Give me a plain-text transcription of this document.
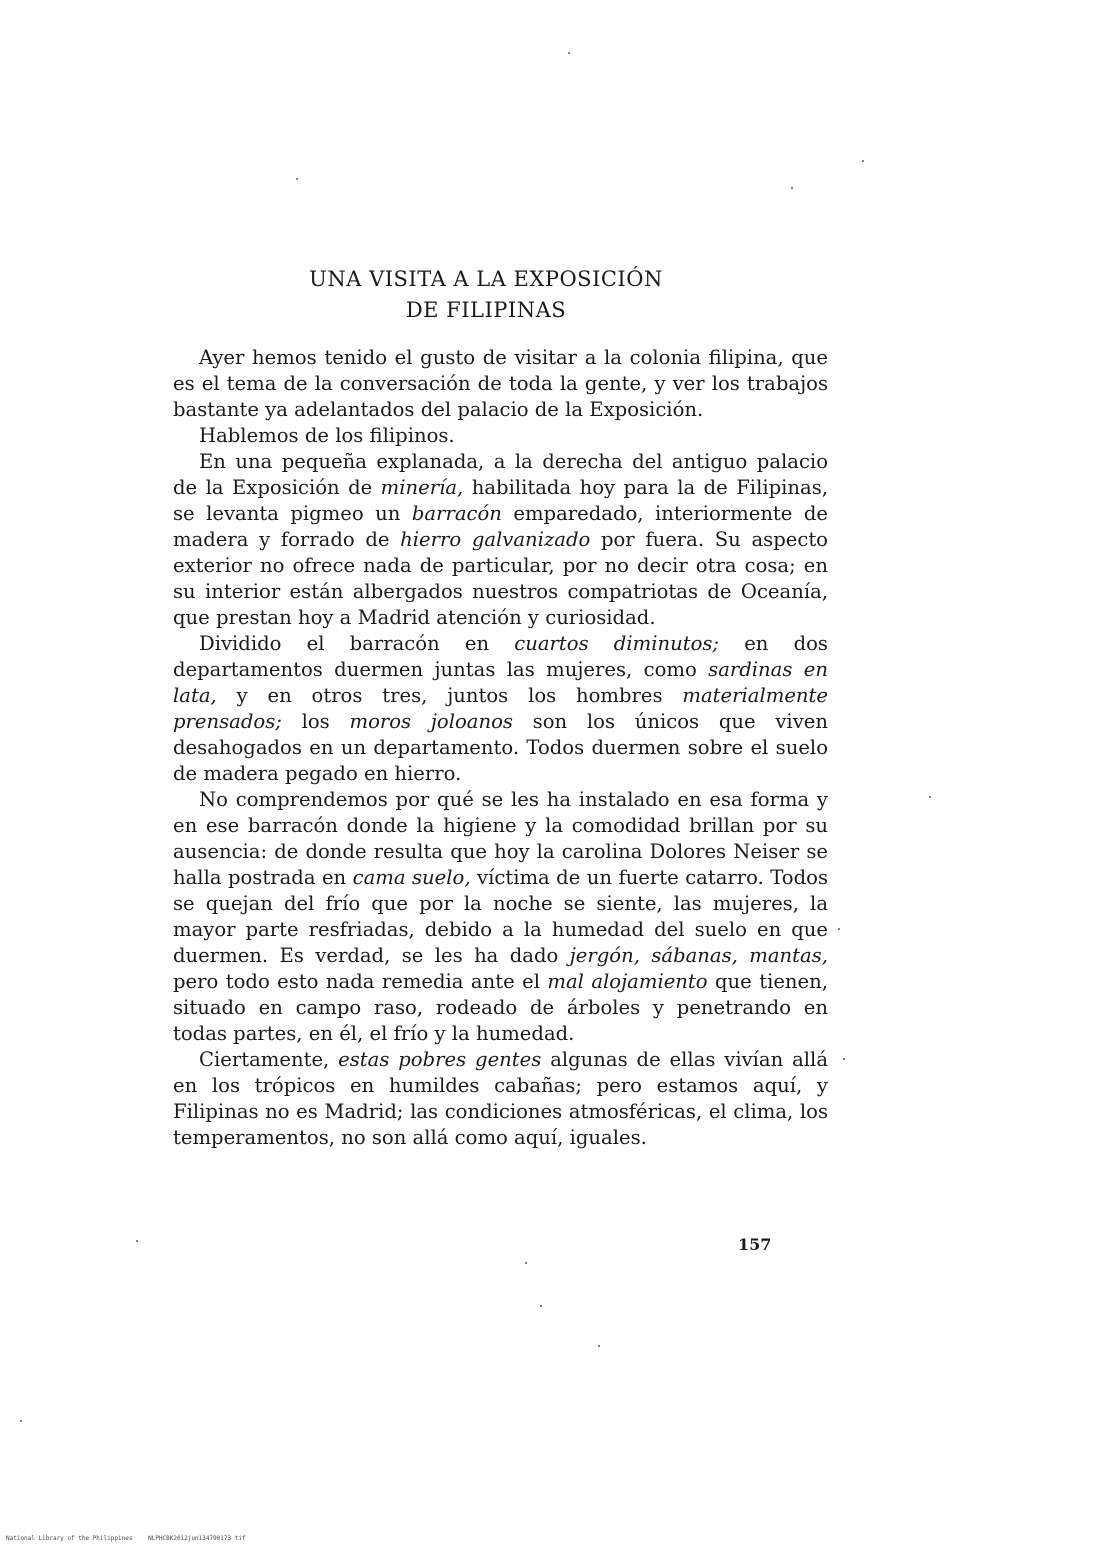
UNA VISITA A LA EXPOSICIÓN
DE FILIPINAS

Ayer hemos tenido el gusto de visitar a la colonia filipina, que es el tema de la conversación de toda la gente, y ver los trabajos bastante ya adelantados del palacio de la Exposición.

Hablemos de los filipinos.

En una pequeña explanada, a la derecha del antiguo palacio de la Exposición de minería, habilitada hoy para la de Filipinas, se levanta pigmeo un barracón emparedado, interiormente de madera y forrado de hierro galvanizado por fuera. Su aspecto exterior no ofrece nada de particular, por no decir otra cosa; en su interior están albergados nuestros compatriotas de Oceanía, que prestan hoy a Madrid atención y curiosidad.

Dividido el barracón en cuartos diminutos; en dos departamentos duermen juntas las mujeres, como sardinas en lata, y en otros tres, juntos los hombres materialmente prensados; los moros joloanos son los únicos que viven desahogados en un departamento. Todos duermen sobre el suelo de madera pegado en hierro.

No comprendemos por qué se les ha instalado en esa forma y en ese barracón donde la higiene y la comodidad brillan por su ausencia: de donde resulta que hoy la carolina Dolores Neiser se halla postrada en cama suelo, víctima de un fuerte catarro. Todos se quejan del frío que por la noche se siente, las mujeres, la mayor parte resfriadas, debido a la humedad del suelo en que duermen. Es verdad, se les ha dado jergón, sábanas, mantas, pero todo esto nada remedia ante el mal alojamiento que tienen, situado en campo raso, rodeado de árboles y penetrando en todas partes, en él, el frío y la humedad.

Ciertamente, estas pobres gentes algunas de ellas vivían allá en los trópicos en humildes cabañas; pero estamos aquí, y Filipinas no es Madrid; las condiciones atmosféricas, el clima, los temperamentos, no son allá como aquí, iguales.

157
National Library of the Philippines	NLPHCBK2012jun134790173 tif
